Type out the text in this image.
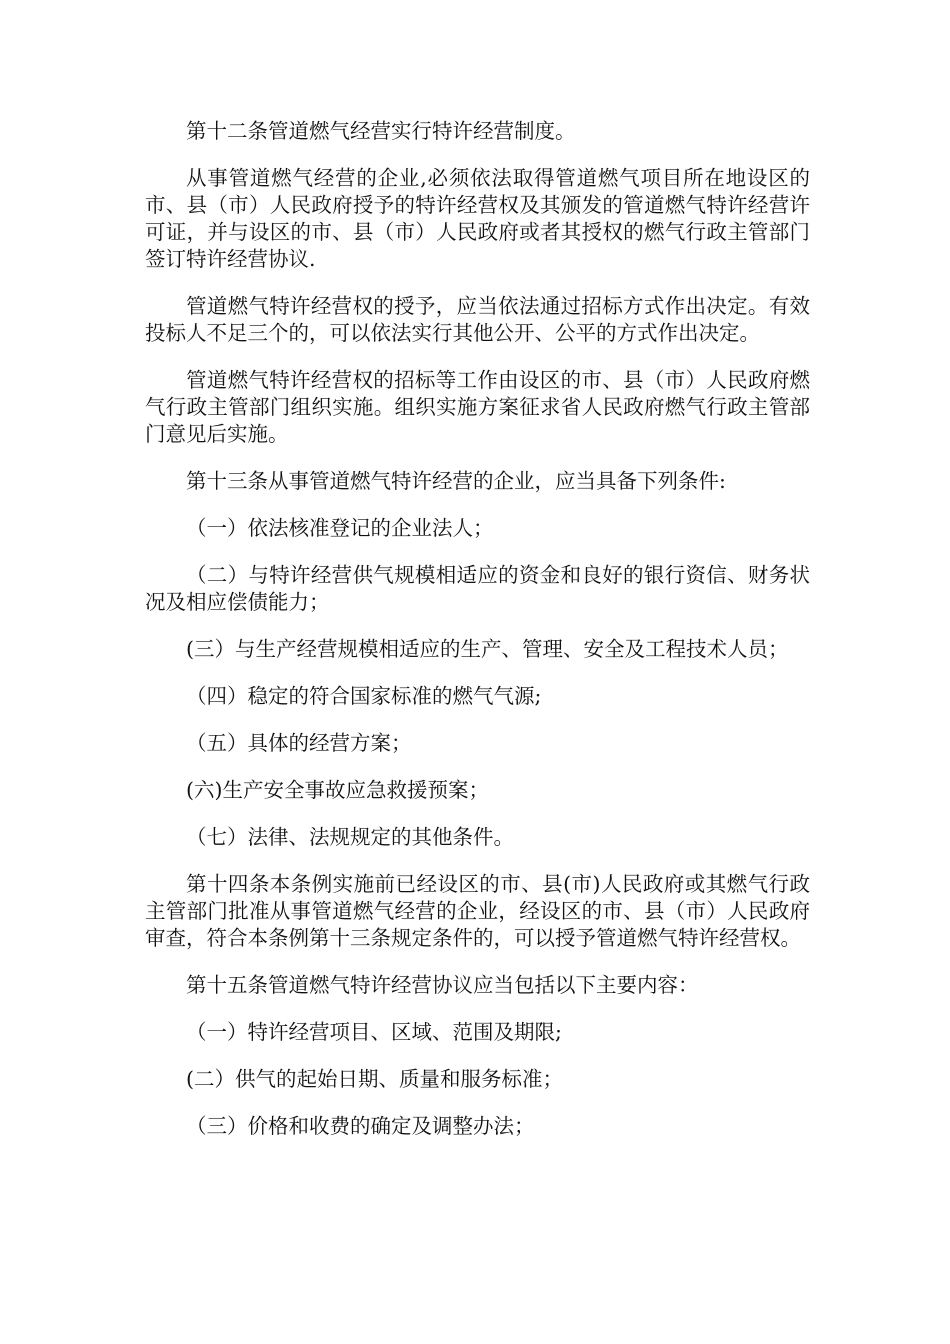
第十二条管道燃气经营实行特许经营制度。

从事管道燃气经营的企业,必须依法取得管道燃气项目所在地设区的市、县（市）人民政府授予的特许经营权及其颁发的管道燃气特许经营许可证，并与设区的市、县（市）人民政府或者其授权的燃气行政主管部门签订特许经营协议.

管道燃气特许经营权的授予，应当依法通过招标方式作出决定。有效投标人不足三个的，可以依法实行其他公开、公平的方式作出决定。

管道燃气特许经营权的招标等工作由设区的市、县（市）人民政府燃气行政主管部门组织实施。组织实施方案征求省人民政府燃气行政主管部门意见后实施。

第十三条从事管道燃气特许经营的企业，应当具备下列条件:

（一）依法核准登记的企业法人；

（二）与特许经营供气规模相适应的资金和良好的银行资信、财务状况及相应偿债能力；

(三）与生产经营规模相适应的生产、管理、安全及工程技术人员；

（四）稳定的符合国家标准的燃气气源;

（五）具体的经营方案；

(六)生产安全事故应急救援预案；

（七）法律、法规规定的其他条件。

第十四条本条例实施前已经设区的市、县(市)人民政府或其燃气行政主管部门批准从事管道燃气经营的企业，经设区的市、县（市）人民政府审查，符合本条例第十三条规定条件的，可以授予管道燃气特许经营权。

第十五条管道燃气特许经营协议应当包括以下主要内容：

（一）特许经营项目、区域、范围及期限;

(二）供气的起始日期、质量和服务标准；

（三）价格和收费的确定及调整办法；
